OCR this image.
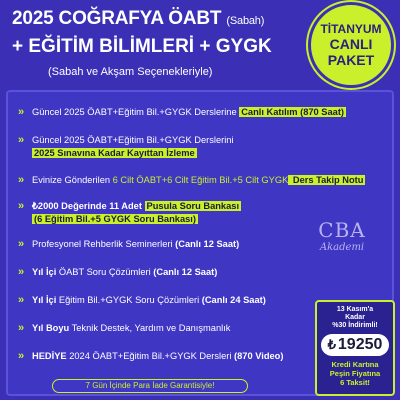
2025 COĞRAFYA ÖABT (Sabah)
+ EĞİTİM BİLİMLERİ + GYGK
(Sabah ve Akşam Seçenekleriyle)
TİTANYUM
CANLI
PAKET
» Güncel 2025 ÖABT+Eğitim Bil.+GYGK Derslerine Canlı Katılım (870 Saat)
» Güncel 2025 ÖABT+Eğitim Bil.+GYGK Derslerini
2025 Sınavına Kadar Kayıttan İzleme
» Evinize Gönderilen 6 Cilt ÖABT+6 Cilt Eğitim Bil.+5 Cilt GYGK Ders Takip Notu
» ₺2000 Değerinde 11 Adet Pusula Soru Bankası
(6 Eğitim Bil.+5 GYGK Soru Bankası)
» Profesyonel Rehberlik Seminerleri (Canlı 12 Saat)
» Yıl İçi ÖABT Soru Çözümleri (Canlı 12 Saat)
» Yıl İçi Eğitim Bil.+GYGK Soru Çözümleri (Canlı 24 Saat)
» Yıl Boyu Teknik Destek, Yardım ve Danışmanlık
» HEDİYE 2024 ÖABT+Eğitim Bil.+GYGK Dersleri (870 Video)
CBA
Akademi
13 Kasım'a
Kadar
%30 İndirimli!
₺ 19250
Kredi Kartına
Peşin Fiyatına
6 Taksit!
7 Gün İçinde Para İade Garantisiyle!
